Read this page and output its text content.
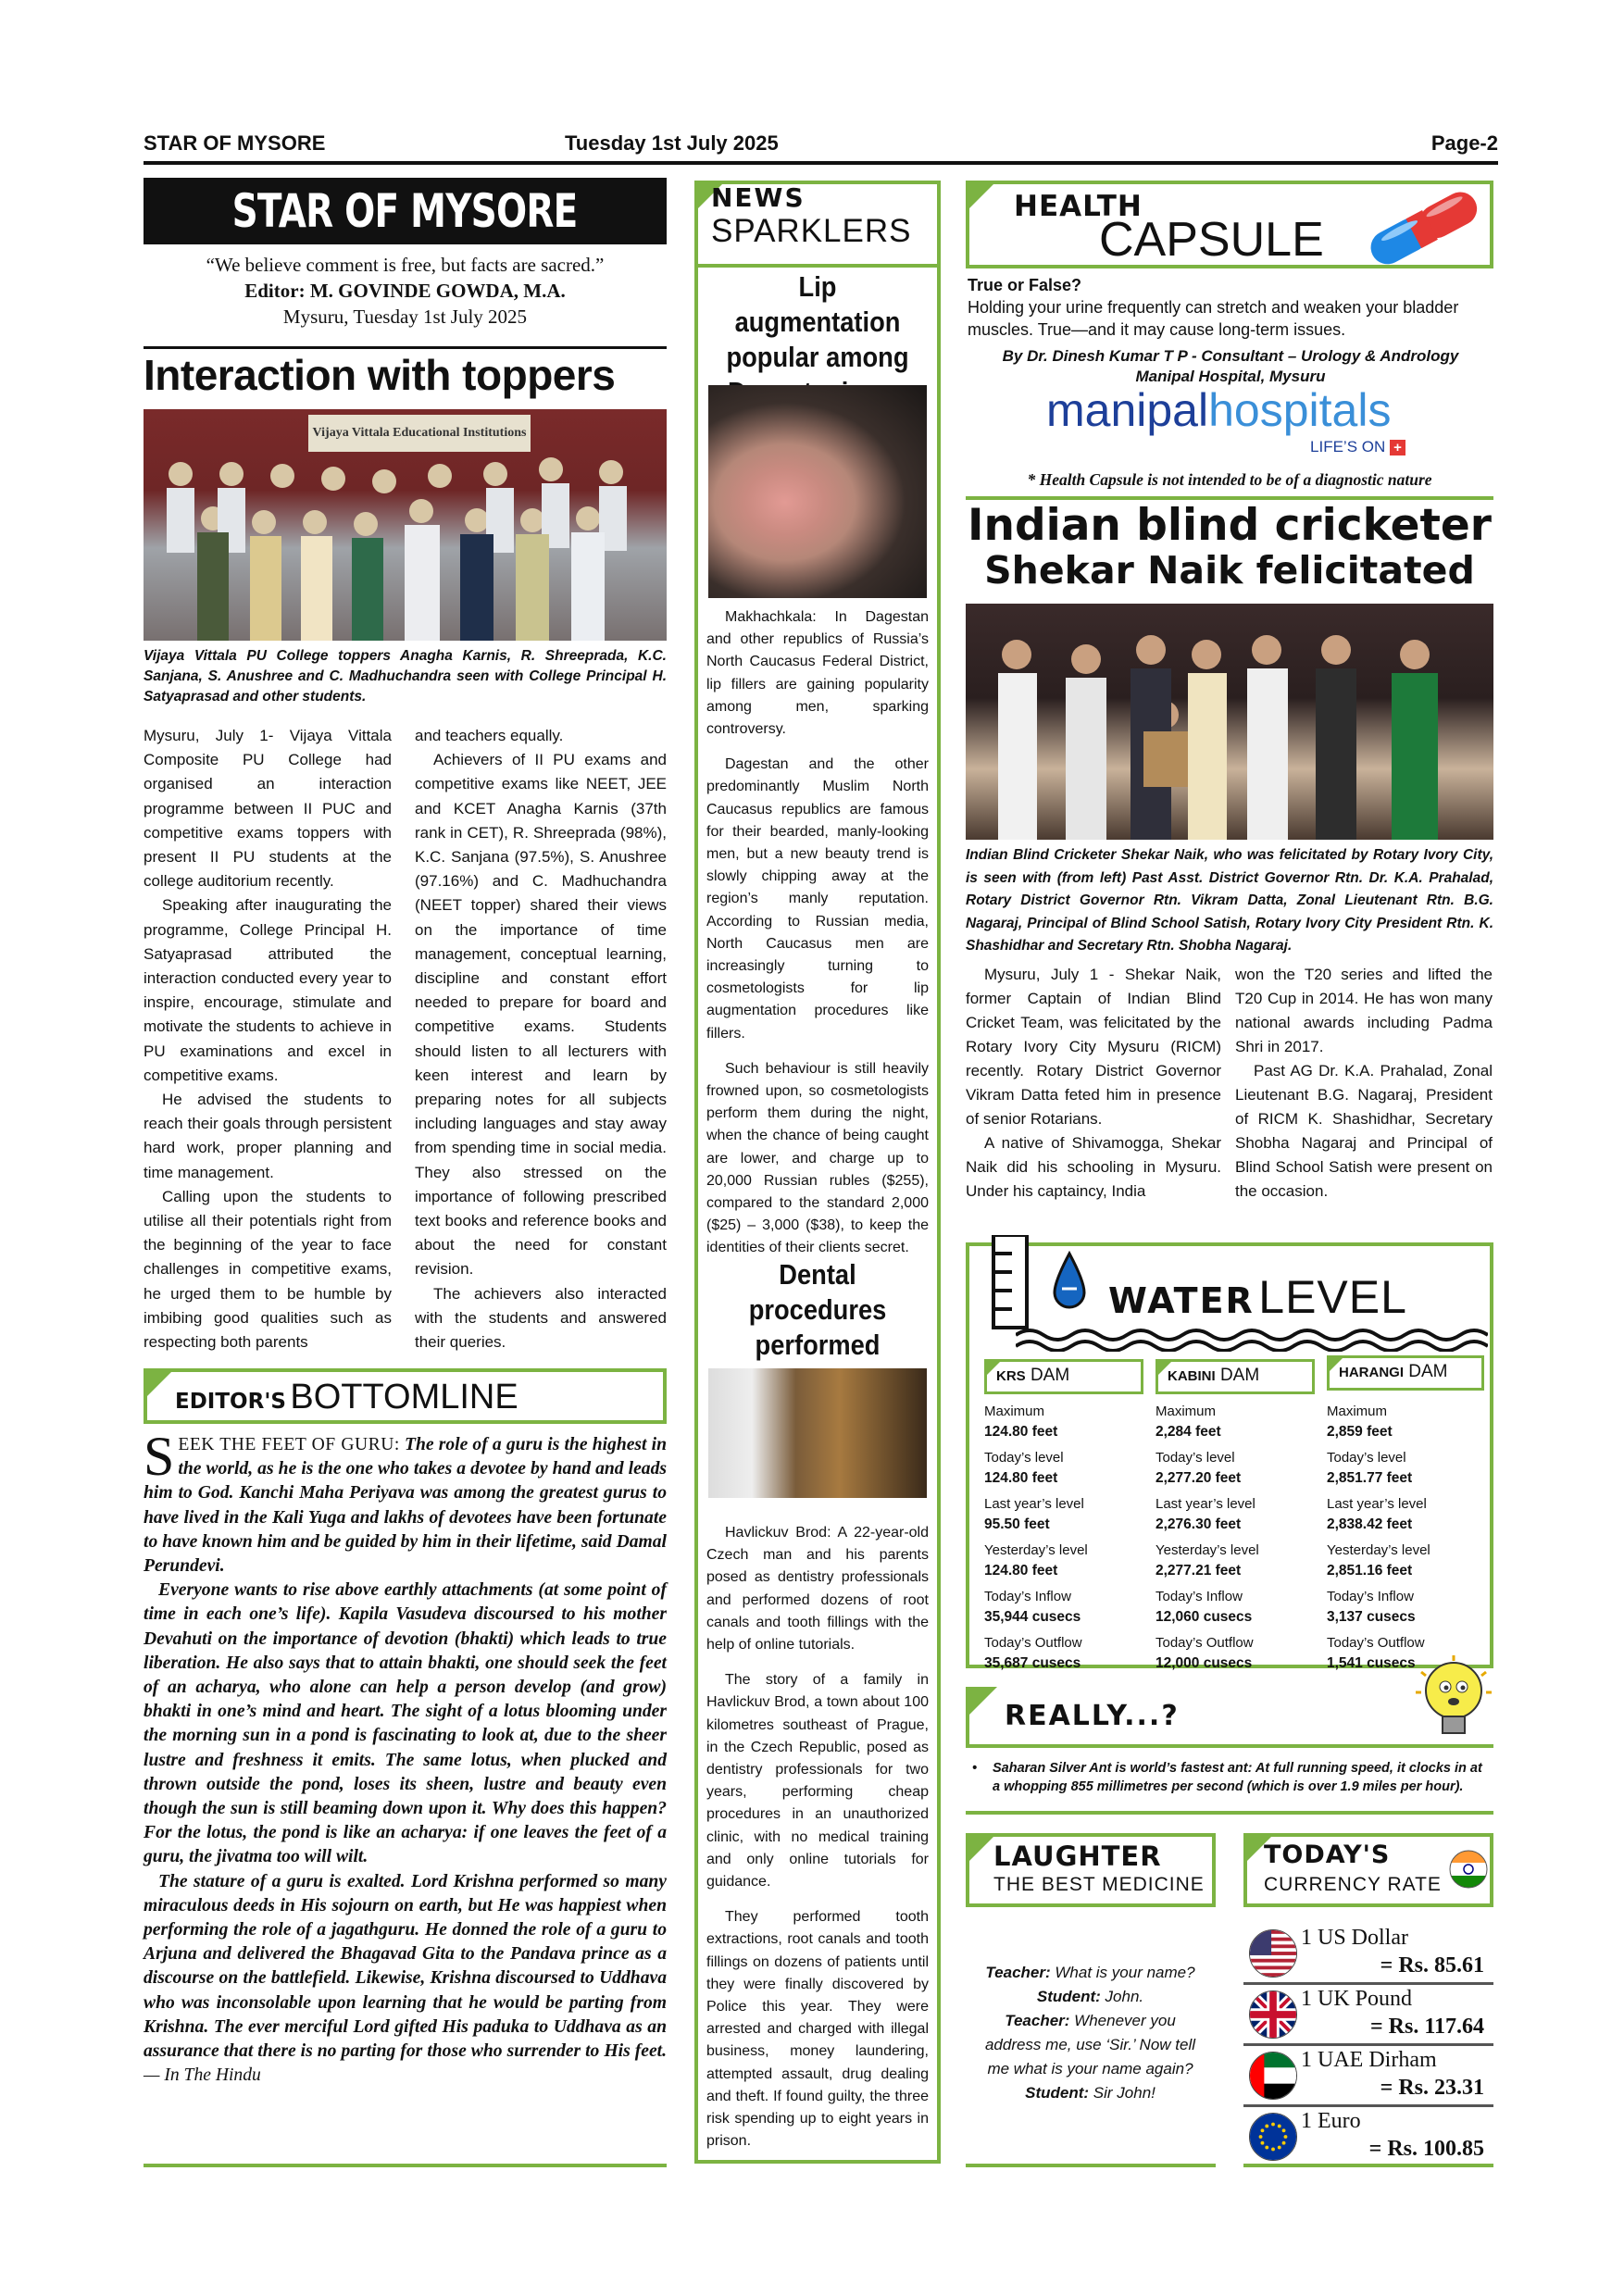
STAR OF MYSORE	Tuesday 1st July 2025	Page-2
STAR OF MYSORE
“We believe comment is free, but facts are sacred.”
Editor: M. GOVINDE GOWDA, M.A.
Mysuru, Tuesday 1st July 2025
Interaction with toppers
Vijaya Vittala Educational Institutions
Vijaya Vittala PU College toppers Anagha Karnis, R. Shreeprada, K.C. Sanjana, S. Anushree and C. Madhuchandra seen with College Principal H. Satyaprasad and other students.

Mysuru, July 1- Vijaya Vittala Composite PU College had organised an interaction programme between II PUC and competitive exams toppers with present II PU students at the college auditorium recently.

Speaking after inaugurating the programme, College Principal H. Satyaprasad attributed the interaction conducted every year to inspire, encourage, stimulate and motivate the students to achieve in PU examinations and excel in competitive exams.

He advised the students to reach their goals through persistent hard work, proper planning and time management.

Calling upon the students to utilise all their potentials right from the beginning of the year to face challenges in competitive exams, he urged them to be humble by imbibing good qualities such as respecting both parents

and teachers equally.

Achievers of II PU exams and competitive exams like NEET, JEE and KCET Anagha Karnis (37th rank in CET), R. Shreeprada (98%), K.C. Sanjana (97.5%), S. Anushree (97.16%) and C. Madhuchandra (NEET topper) shared their views on the importance of time management, conceptual learning, discipline and constant effort needed to prepare for board and competitive exams. Students should listen to all lecturers with keen interest and learn by preparing notes for all subjects including languages and stay away from spending time in social media. They also stressed on the importance of following prescribed text books and reference books and about the need for constant revision.

The achievers also interacted with the students and answered their queries.

EDITOR'S BOTTOMLINE

SEEK THE FEET OF GURU: The role of a guru is the highest in the world, as he is the one who takes a devotee by hand and leads him to God. Kanchi Maha Periyava was among the greatest gurus to have lived in the Kali Yuga and lakhs of devotees have been fortunate to have known him and be guided by him in their lifetime, said Damal Perundevi.

Everyone wants to rise above earthly attachments (at some point of time in each one’s life). Kapila Vasudeva discoursed to his mother Devahuti on the importance of devotion (bhakti) which leads to true liberation. He also says that to attain bhakti, one should seek the feet of an acharya, who alone can help a person develop (and grow) bhakti in one’s mind and heart. The sight of a lotus blooming under the morning sun in a pond is fascinating to look at, due to the sheer lustre and freshness it emits. The same lotus, when plucked and thrown outside the pond, loses its sheen, lustre and beauty even though the sun is still beaming down upon it. Why does this happen? For the lotus, the pond is like an acharya: if one leaves the feet of a guru, the jivatma too will wilt.

The stature of a guru is exalted. Lord Krishna performed so many miraculous deeds in His sojourn on earth, but He was happiest when performing the role of a jagathguru. He donned the role of a guru to Arjuna and delivered the Bhagavad Gita to the Pandava prince as a discourse on the battlefield. Likewise, Krishna discoursed to Uddhava who was inconsolable upon learning that he would be parting from Krishna. The ever merciful Lord gifted His paduka to Uddhava as an assurance that there is no parting for those who surrender to His feet.— In The Hindu

NEWS
SPARKLERS
Lip augmentation popular among

Makhachkala: In Dagestan and other republics of Russia’s North Caucasus Federal District, lip fillers are gaining popularity among men, sparking controversy.

Dagestan and the other predominantly Muslim North Caucasus republics are famous for their bearded, manly-looking men, but a new beauty trend is slowly chipping away at the region’s manly reputation. According to Russian media, North Caucasus men are increasingly turning to cosmetologists for lip augmentation procedures like fillers.

Such behaviour is still heavily frowned upon, so cosmetologists perform them during the night, when the chance of being caught are lower, and charge up to 20,000 Russian rubles ($255), compared to the standard 2,000 ($25) – 3,000 ($38), to keep the identities of their clients secret.

Dental procedures performed

Havlickuv Brod: A 22-year-old Czech man and his parents posed as dentistry professionals and performed dozens of root canals and tooth fillings with the help of online tutorials.

The story of a family in Havlickuv Brod, a town about 100 kilometres southeast of Prague, in the Czech Republic, posed as dentistry professionals for two years, performing cheap procedures in an unauthorized clinic, with no medical training and only online tutorials for guidance.

They performed tooth extractions, root canals and tooth fillings on dozens of patients until they were finally discovered by Police this year. They were arrested and charged with illegal business, money laundering, attempted assault, drug dealing and theft. If found guilty, the three risk spending up to eight years in prison.

HEALTH
CAPSULE
True or False?
Holding your urine frequently can stretch and weaken your bladder muscles. True—and it may cause long-term issues.
By Dr. Dinesh Kumar T P - Consultant – Urology & Andrology
Manipal Hospital, Mysuru
manipalhospitals
LIFE’S ON +
* Health Capsule is not intended to be of a diagnostic nature
Indian blind cricketer
Shekar Naik felicitated
Indian Blind Cricketer Shekar Naik, who was felicitated by Rotary Ivory City, is seen with (from left) Past Asst. District Governor Rtn. Dr. K.A. Prahalad, Rotary District Governor Rtn. Vikram Datta, Zonal Lieutenant Rtn. B.G. Nagaraj, Principal of Blind School Satish, Rotary Ivory City President Rtn. K. Shashidhar and Secretary Rtn. Shobha Nagaraj.

Mysuru, July 1 - Shekar Naik, former Captain of Indian Blind Cricket Team, was felicitated by the Rotary Ivory City Mysuru (RICM) recently. Rotary District Governor Vikram Datta feted him in presence of senior Rotarians.

A native of Shivamogga, Shekar Naik did his schooling in Mysuru. Under his captaincy, India

won the T20 series and lifted the T20 Cup in 2014. He has won many national awards including Padma Shri in 2017.

Past AG Dr. K.A. Prahalad, Zonal Lieutenant B.G. Nagaraj, President of RICM K. Shashidhar, Secretary Shobha Nagaraj and Principal of Blind School Satish were present on the occasion.

WATER LEVEL
KRS DAM
Maximum
124.80 feet
Today’s level
124.80 feet
Last year’s level
95.50 feet
Yesterday’s level
124.80 feet
Today’s Inflow
35,944 cusecs
Today’s Outflow
35,687 cusecs
KABINI DAM
Maximum
2,284 feet
Today’s level
2,277.20 feet
Last year’s level
2,276.30 feet
Yesterday’s level
2,277.21 feet
Today’s Inflow
12,060 cusecs
Today’s Outflow
12,000 cusecs
HARANGI DAM
Maximum
2,859 feet
Today’s level
2,851.77 feet
Last year’s level
2,838.42 feet
Yesterday’s level
2,851.16 feet
Today’s Inflow
3,137 cusecs
Today’s Outflow
1,541 cusecs
REALLY...?
•	Saharan Silver Ant is world’s fastest ant: At full running speed, it clocks in at a whopping 855 millimetres per second (which is over 1.9 miles per hour).
LAUGHTER
THE BEST MEDICINE
Teacher: What is your name?
Student: John.
Teacher: Whenever you address me, use ‘Sir.’ Now tell me what is your name again?
Student: Sir John!
TODAY'S
CURRENCY RATE
1 US Dollar
= Rs. 85.61
1 UK Pound
= Rs. 117.64
1 UAE Dirham
= Rs. 23.31
1 Euro
= Rs. 100.85
